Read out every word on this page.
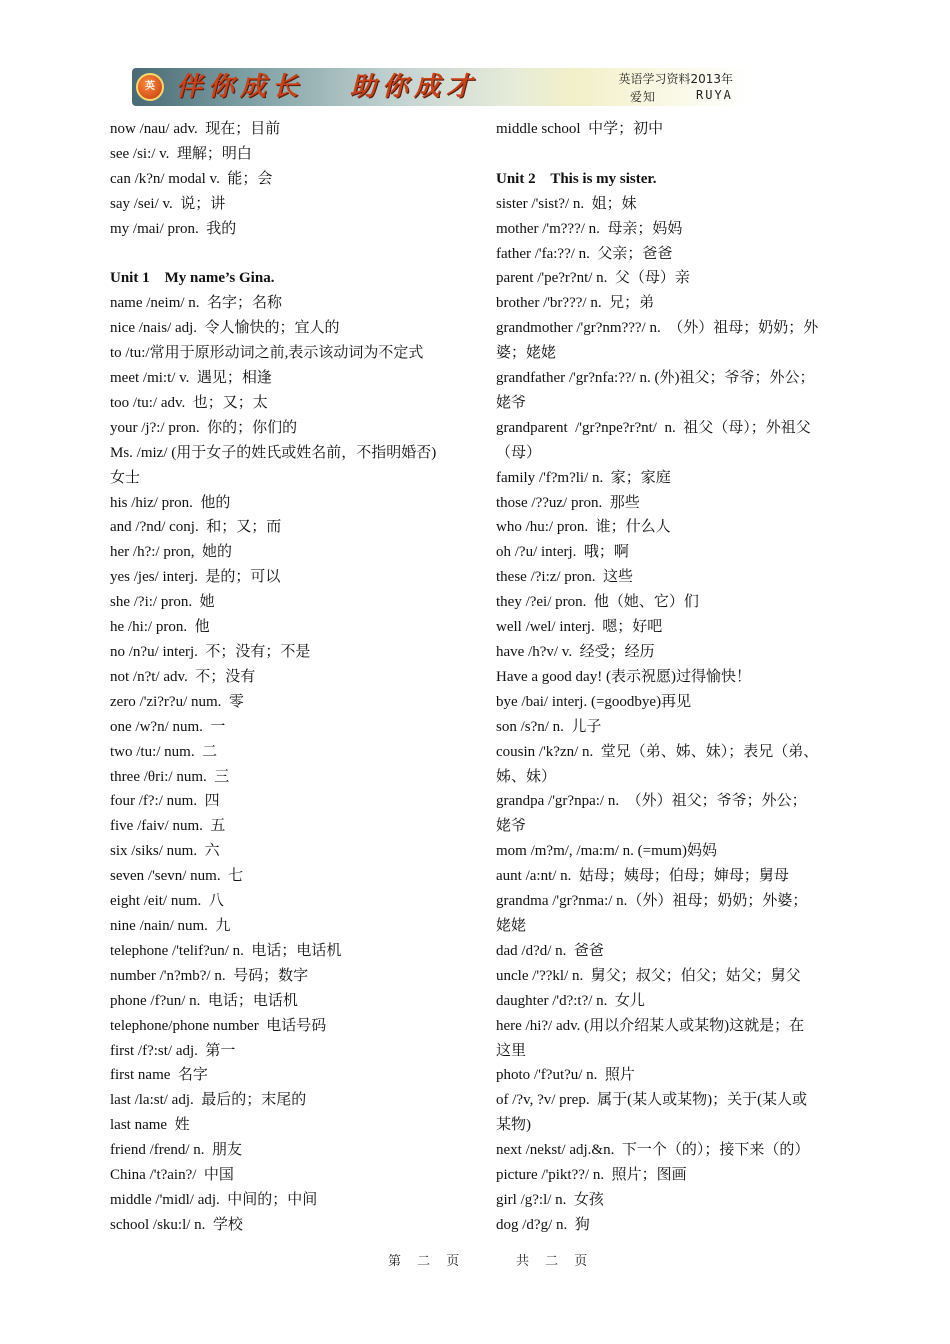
英 伴你成长 助你成才	英语学习资料2013年
爱知	RUYA
now /nau/ adv.  现在；目前
see /si:/ v.  理解；明白
can /k?n/ modal v.  能；会
say /sei/ v.  说；讲
my /mai/ pron.  我的
Unit 1    My name’s Gina.
name /neim/ n.  名字；名称
nice /nais/ adj.  令人愉快的；宜人的
to /tu:/常用于原形动词之前,表示该动词为不定式
meet /mi:t/ v.  遇见；相逢
too /tu:/ adv.  也；又；太
your /j?:/ pron.  你的；你们的
Ms. /miz/ (用于女子的姓氏或姓名前，不指明婚否)
女士
his /hiz/ pron.  他的
and /?nd/ conj.  和；又；而
her /h?:/ pron,  她的
yes /jes/ interj.  是的；可以
she /?i:/ pron.  她
he /hi:/ pron.  他
no /n?u/ interj.  不；没有；不是
not /n?t/ adv.  不；没有
zero /'zi?r?u/ num.  零
one /w?n/ num.  一
two /tu:/ num.  二
three /θri:/ num.  三
four /f?:/ num.  四
five /faiv/ num.  五
six /siks/ num.  六
seven /'sevn/ num.  七
eight /eit/ num.  八
nine /nain/ num.  九
telephone /'telif?un/ n.  电话；电话机
number /'n?mb?/ n.  号码；数字
phone /f?un/ n.  电话；电话机
telephone/phone number  电话号码
first /f?:st/ adj.  第一
first name  名字
last /la:st/ adj.  最后的；末尾的
last name  姓
friend /frend/ n.  朋友
China /'t?ain?/  中国
middle /'midl/ adj.  中间的；中间
school /sku:l/ n.  学校
middle school  中学；初中
Unit 2    This is my sister.
sister /'sist?/ n.  姐；妹
mother /'m???/ n.  母亲；妈妈
father /'fa:??/ n.  父亲；爸爸
parent /'pe?r?nt/ n.  父（母）亲
brother /'br???/ n.  兄；弟
grandmother /'gr?nm???/ n.  （外）祖母；奶奶；外
婆；姥姥
grandfather /'gr?nfa:??/ n. (外)祖父；爷爷；外公；
姥爷
grandparent  /'gr?npe?r?nt/  n.  祖父（母）；外祖父
（母）
family /'f?m?li/ n.  家；家庭
those /??uz/ pron.  那些
who /hu:/ pron.  谁；什么人
oh /?u/ interj.  哦；啊
these /?i:z/ pron.  这些
they /?ei/ pron.  他（她、它）们
well /wel/ interj.  嗯；好吧
have /h?v/ v.  经受；经历
Have a good day! (表示祝愿)过得愉快！
bye /bai/ interj. (=goodbye)再见
son /s?n/ n.  儿子
cousin /'k?zn/ n.  堂兄（弟、姊、妹）；表兄（弟、
姊、妹）
grandpa /'gr?npa:/ n.  （外）祖父；爷爷；外公；
姥爷
mom /m?m/, /ma:m/ n. (=mum)妈妈
aunt /a:nt/ n.  姑母；姨母；伯母；婶母；舅母
grandma /'gr?nma:/ n.（外）祖母；奶奶；外婆；
姥姥
dad /d?d/ n.  爸爸
uncle /'??kl/ n.  舅父；叔父；伯父；姑父；舅父
daughter /'d?:t?/ n.  女儿
here /hi?/ adv. (用以介绍某人或某物)这就是；在
这里
photo /'f?ut?u/ n.  照片
of /?v, ?v/ prep.  属于(某人或某物)；关于(某人或
某物)
next /nekst/ adj.&n.  下一个（的）；接下来（的）
picture /'pikt??/ n.  照片；图画
girl /g?:l/ n.  女孩
dog /d?g/ n.  狗
第 二 页	共 二 页
